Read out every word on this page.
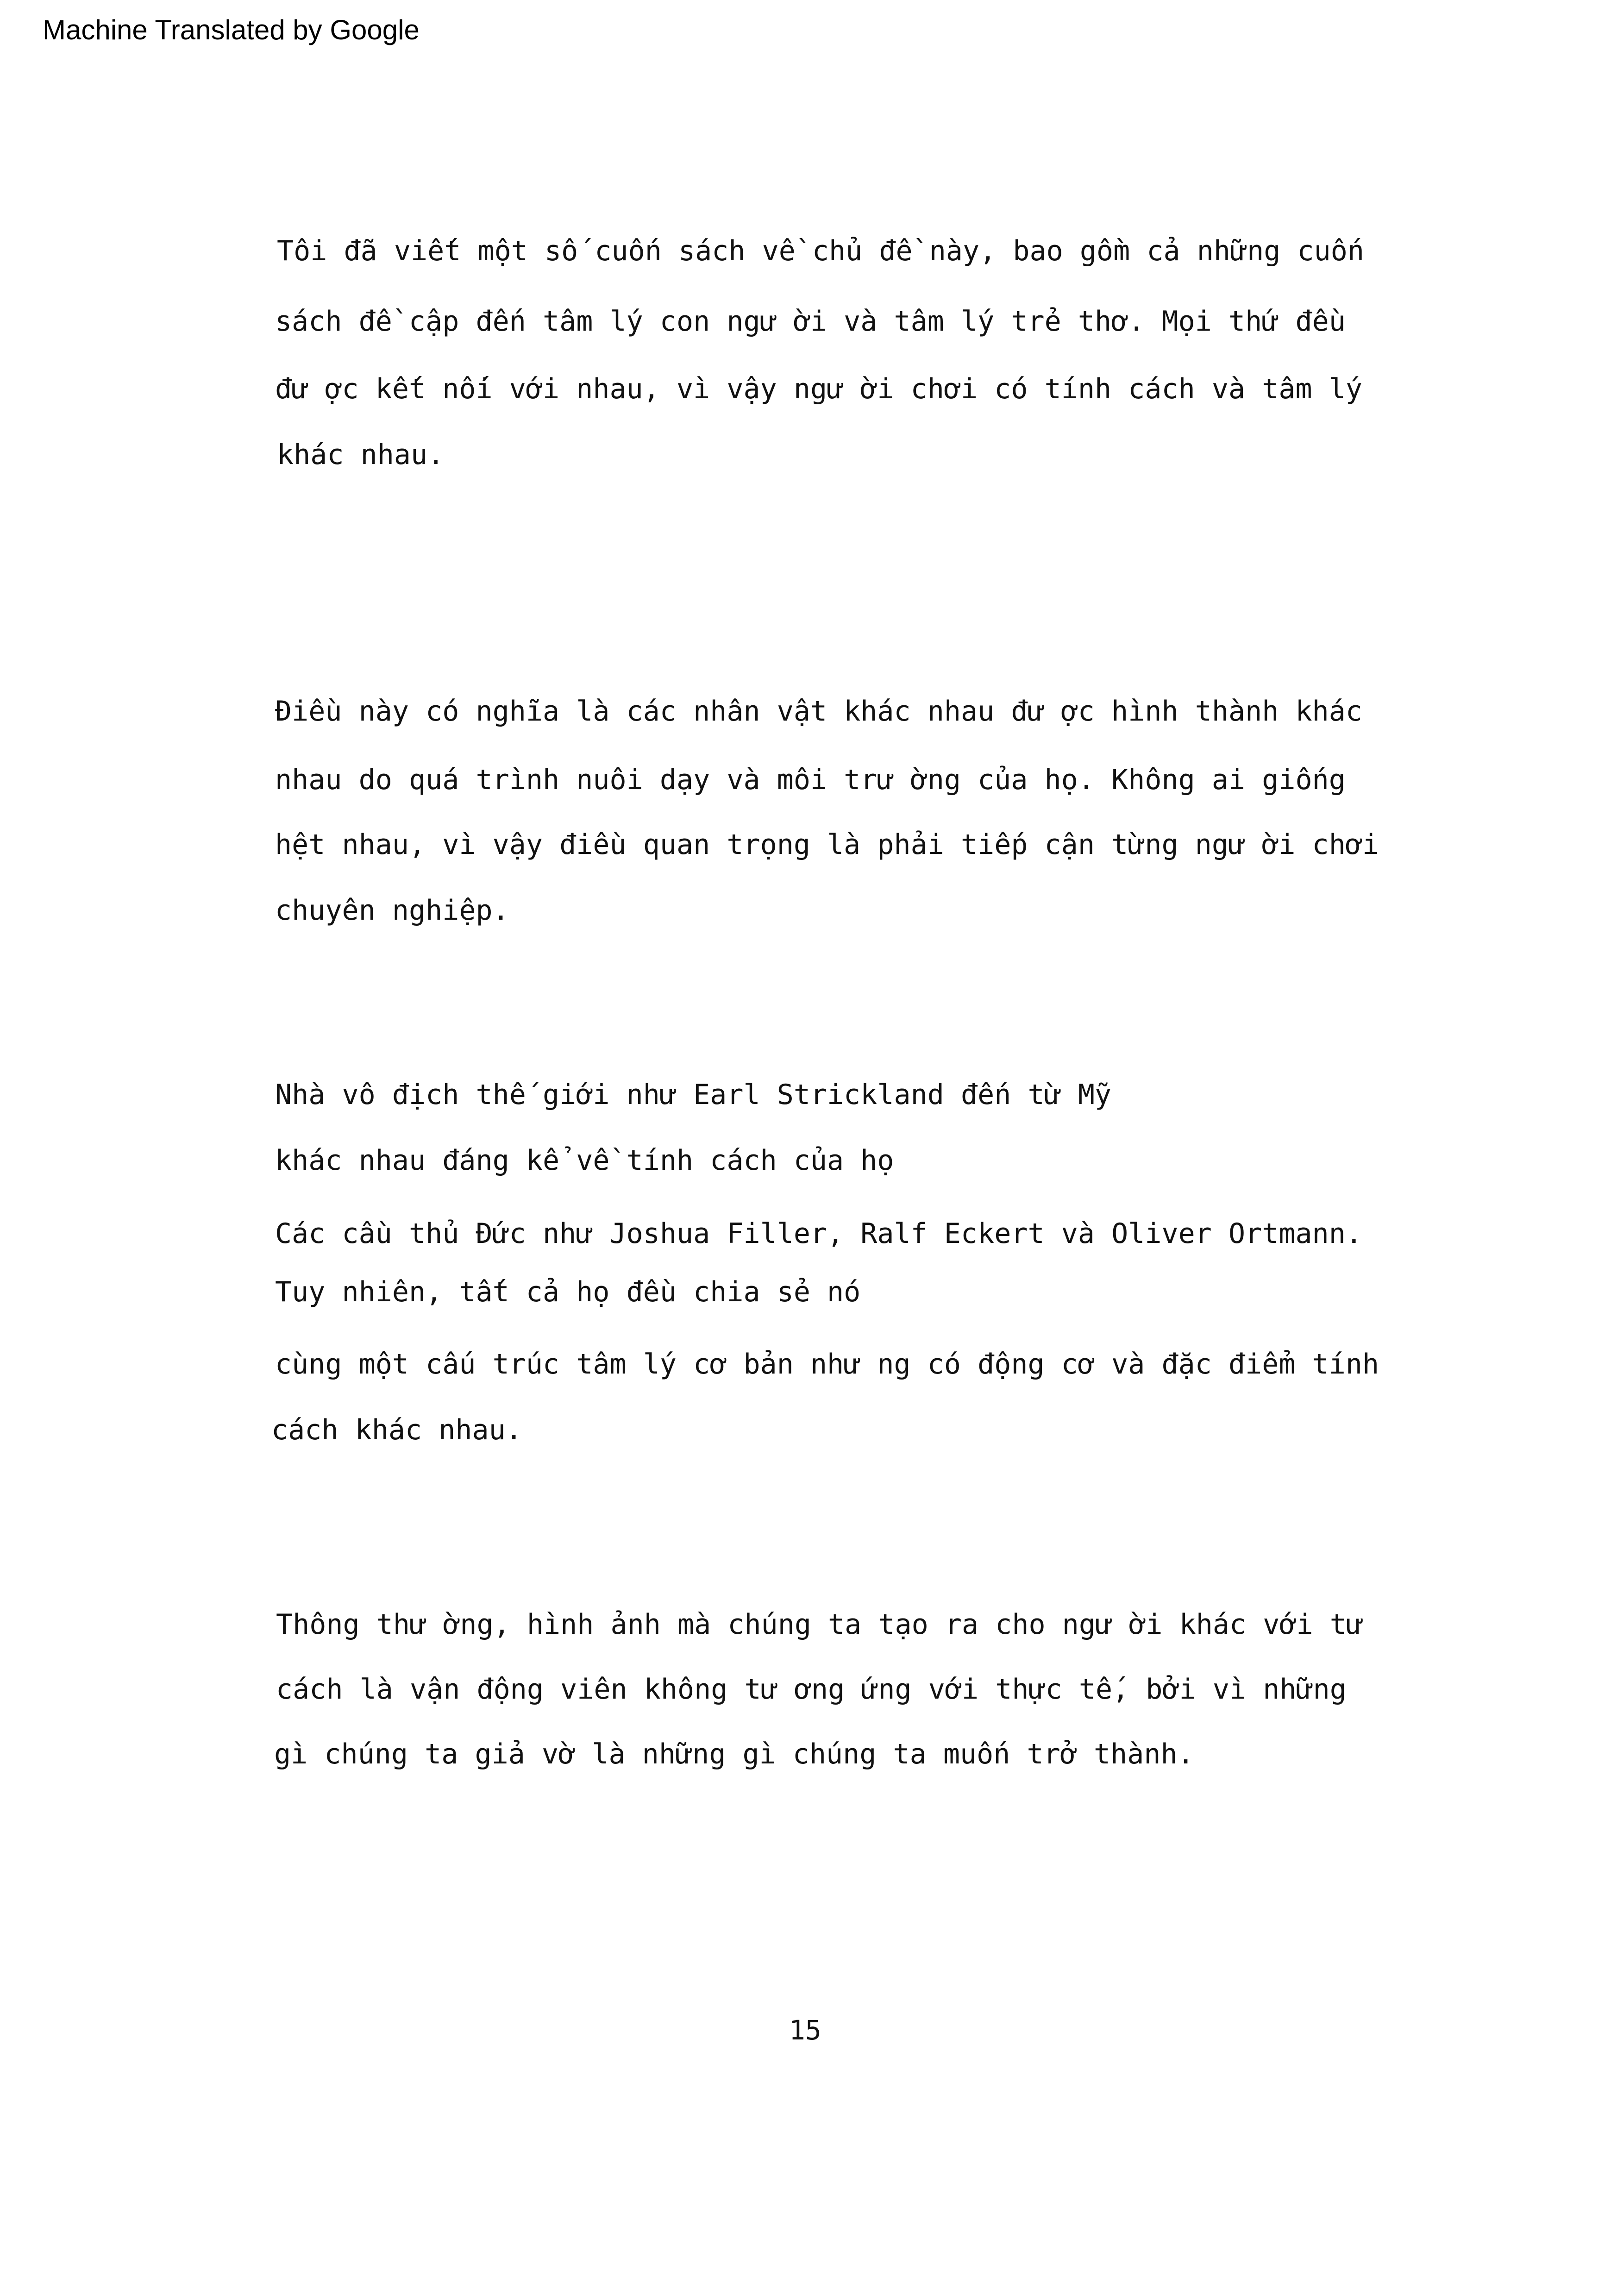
Machine Translated by Google
Tôi đã viết một số cuốn sách về chủ đề này, bao gồm cả những cuốn
sách đề cập đến tâm lý con ngư ời và tâm lý trẻ thơ. Mọi thứ đều
đư ợc kết nối với nhau, vì vậy ngư ời chơi có tính cách và tâm lý
khác nhau.
Điều này có nghĩa là các nhân vật khác nhau đư ợc hình thành khác
nhau do quá trình nuôi dạy và môi trư ờng của họ. Không ai giống
hệt nhau, vì vậy điều quan trọng là phải tiếp cận từng ngư ời chơi
chuyên nghiệp.
Nhà vô địch thế giới như Earl Strickland đến từ Mỹ
khác nhau đáng kể về tính cách của họ
Các cầu thủ Đức như Joshua Filler, Ralf Eckert và Oliver Ortmann.
Tuy nhiên, tất cả họ đều chia sẻ nó
cùng một cấu trúc tâm lý cơ bản như ng có động cơ và đặc điểm tính
cách khác nhau.
Thông thư ờng, hình ảnh mà chúng ta tạo ra cho ngư ời khác với tư
cách là vận động viên không tư ơng ứng với thực tế, bởi vì những
gì chúng ta giả vờ là những gì chúng ta muốn trở thành.
15
